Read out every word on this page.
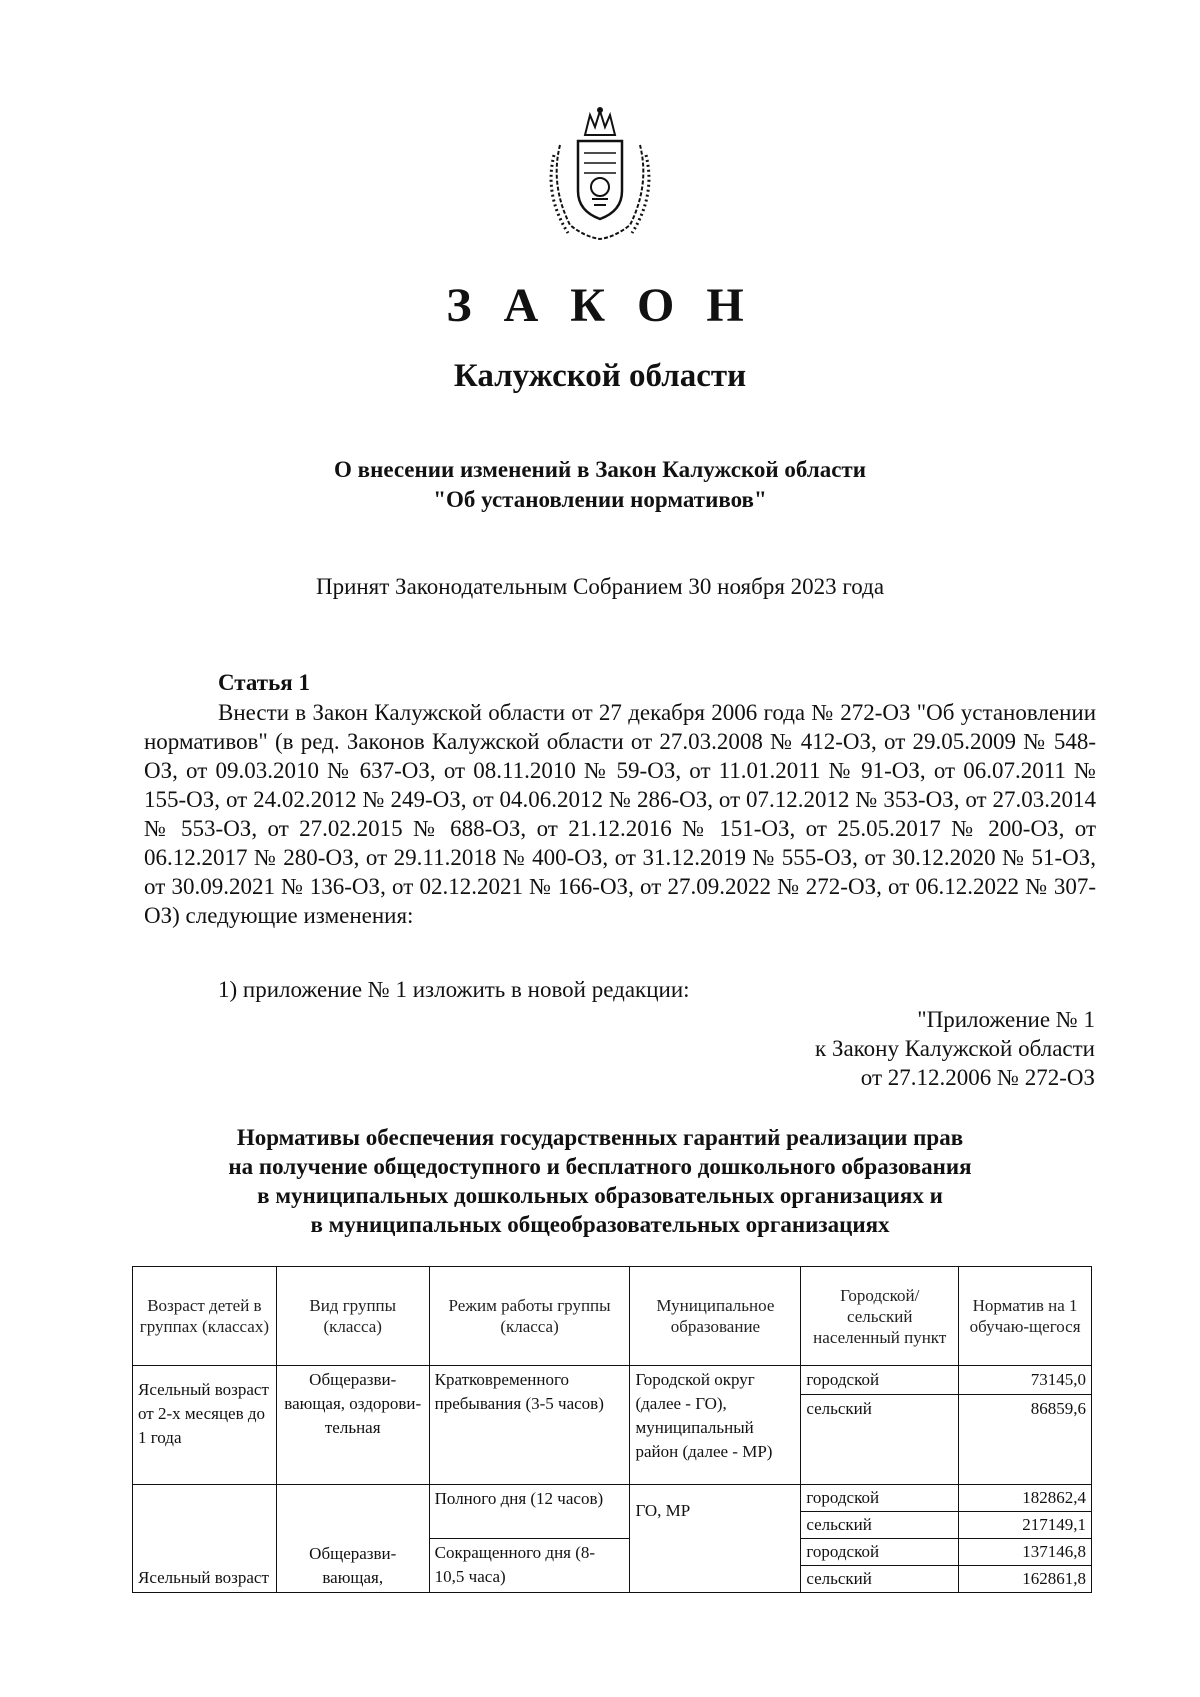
З А К О Н
Калужской области
О внесении изменений в Закон Калужской области
"Об установлении нормативов"
Принят Законодательным Собранием 30 ноября 2023 года
Статья 1
Внести в Закон Калужской области от 27 декабря 2006 года № 272-ОЗ "Об установлении нормативов" (в ред. Законов Калужской области от 27.03.2008 № 412-ОЗ, от 29.05.2009 № 548-ОЗ, от 09.03.2010 № 637-ОЗ, от 08.11.2010 № 59-ОЗ, от 11.01.2011 № 91-ОЗ, от 06.07.2011 № 155-ОЗ, от 24.02.2012 № 249-ОЗ, от 04.06.2012 № 286-ОЗ, от 07.12.2012 № 353-ОЗ, от 27.03.2014 № 553-ОЗ, от 27.02.2015 № 688-ОЗ, от 21.12.2016 № 151-ОЗ, от 25.05.2017 № 200-ОЗ, от 06.12.2017 № 280-ОЗ, от 29.11.2018 № 400-ОЗ, от 31.12.2019 № 555-ОЗ, от 30.12.2020 № 51-ОЗ, от 30.09.2021 № 136-ОЗ, от 02.12.2021 № 166-ОЗ, от 27.09.2022 № 272-ОЗ, от 06.12.2022 № 307-ОЗ) следующие изменения:
1) приложение № 1 изложить в новой редакции:
"Приложение № 1
к Закону Калужской области
от 27.12.2006 № 272-ОЗ
Нормативы обеспечения государственных гарантий реализации прав
на получение общедоступного и бесплатного дошкольного образования
в муниципальных дошкольных образовательных организациях и
в муниципальных общеобразовательных организациях
Возраст детей в группах (классах)	Вид группы (класса)	Режим работы группы (класса)	Муниципальное образование	Городской/ сельский населенный пункт	Норматив на 1 обучаю-щегося
Ясельный возраст от 2-х месяцев до 1 года	Общеразви-вающая, оздорови-тельная	Кратковременного пребывания (3-5 часов)	Городской округ (далее - ГО), муниципальный район (далее - МР)	городской	73145,0
				сельский	86859,6
Ясельный возраст	Общеразви-вающая,	Полного дня (12 часов)	ГО, МР	городской	182862,4
				сельский	217149,1
		Сокращенного дня (8-10,5 часа)		городской	137146,8
				сельский	162861,8
